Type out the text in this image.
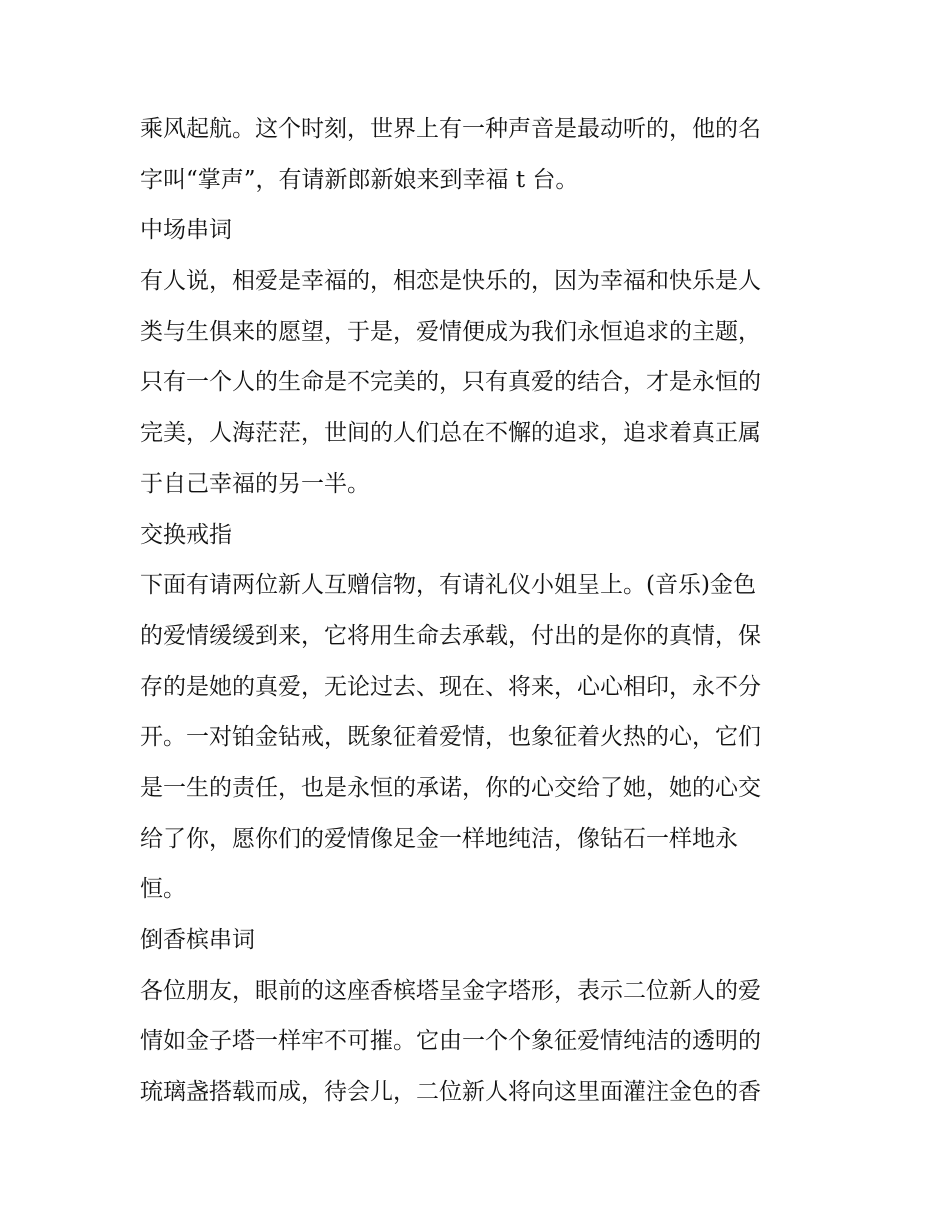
乘风起航。这个时刻，世界上有一种声音是最动听的，他的名

字叫“掌声”，有请新郎新娘来到幸福 t 台。

中场串词

有人说，相爱是幸福的，相恋是快乐的，因为幸福和快乐是人

类与生俱来的愿望，于是，爱情便成为我们永恒追求的主题，

只有一个人的生命是不完美的，只有真爱的结合，才是永恒的

完美，人海茫茫，世间的人们总在不懈的追求，追求着真正属

于自己幸福的另一半。

交换戒指

下面有请两位新人互赠信物，有请礼仪小姐呈上。(音乐)金色

的爱情缓缓到来，它将用生命去承载，付出的是你的真情，保

存的是她的真爱，无论过去、现在、将来，心心相印，永不分

开。一对铂金钻戒，既象征着爱情，也象征着火热的心，它们

是一生的责任，也是永恒的承诺，你的心交给了她，她的心交

给了你，愿你们的爱情像足金一样地纯洁，像钻石一样地永

恒。

倒香槟串词

各位朋友，眼前的这座香槟塔呈金字塔形，表示二位新人的爱

情如金子塔一样牢不可摧。它由一个个象征爱情纯洁的透明的

琉璃盏搭载而成，待会儿，二位新人将向这里面灌注金色的香
